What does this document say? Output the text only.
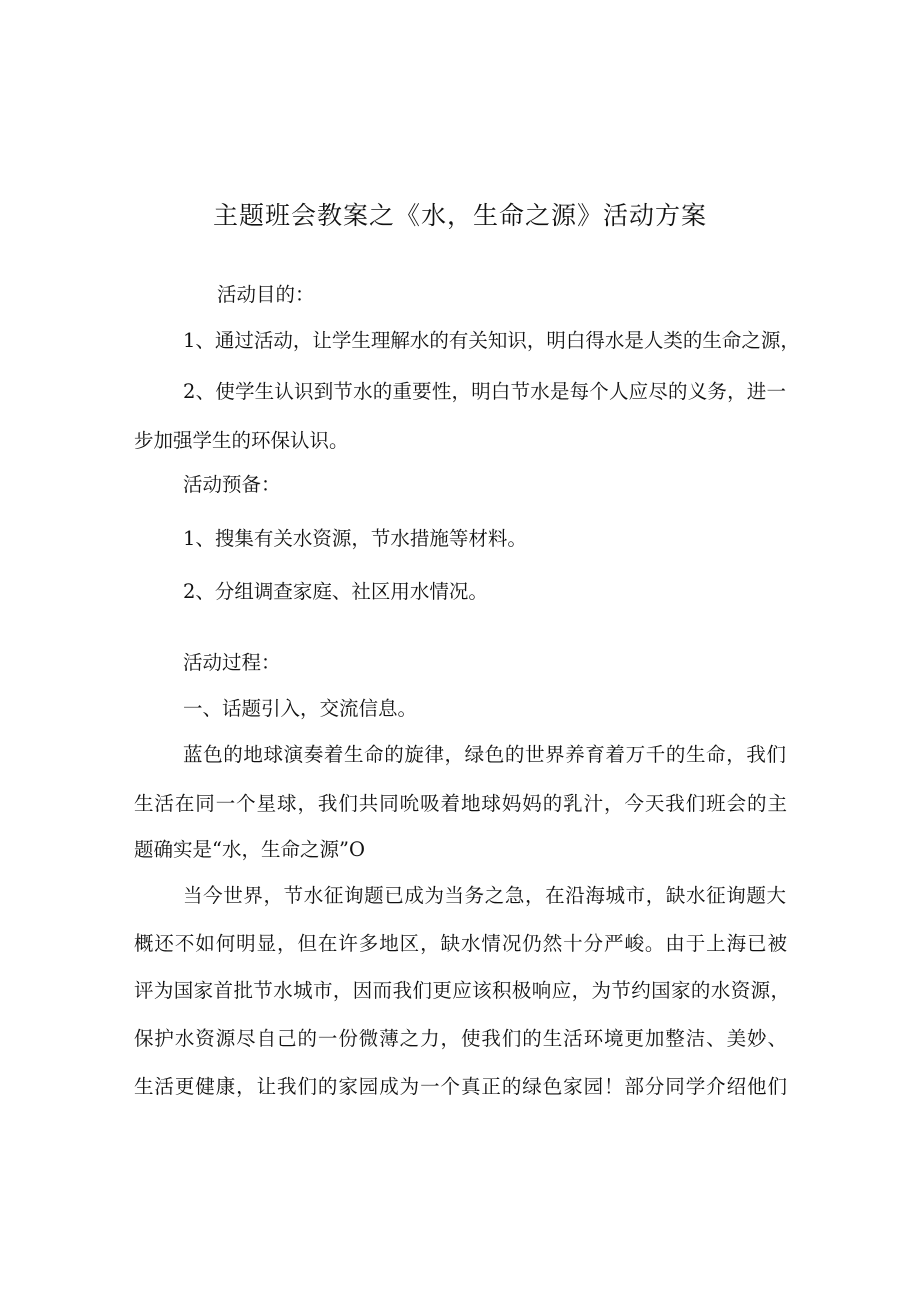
主题班会教案之《水，生命之源》活动方案
活动目的：
1、通过活动，让学生理解水的有关知识，明白得水是人类的生命之源，
2、使学生认识到节水的重要性，明白节水是每个人应尽的义务，进一
步加强学生的环保认识。
活动预备：
1、搜集有关水资源，节水措施等材料。
2、分组调查家庭、社区用水情况。
活动过程：
一、话题引入，交流信息。
蓝色的地球演奏着生命的旋律，绿色的世界养育着万千的生命，我们
生活在同一个星球，我们共同吮吸着地球妈妈的乳汁，今天我们班会的主
题确实是“水，生命之源”O
当今世界，节水征询题已成为当务之急，在沿海城市，缺水征询题大
概还不如何明显，但在许多地区，缺水情况仍然十分严峻。由于上海已被
评为国家首批节水城市，因而我们更应该积极响应，为节约国家的水资源，
保护水资源尽自己的一份微薄之力，使我们的生活环境更加整洁、美妙、
生活更健康，让我们的家园成为一个真正的绿色家园！部分同学介绍他们
